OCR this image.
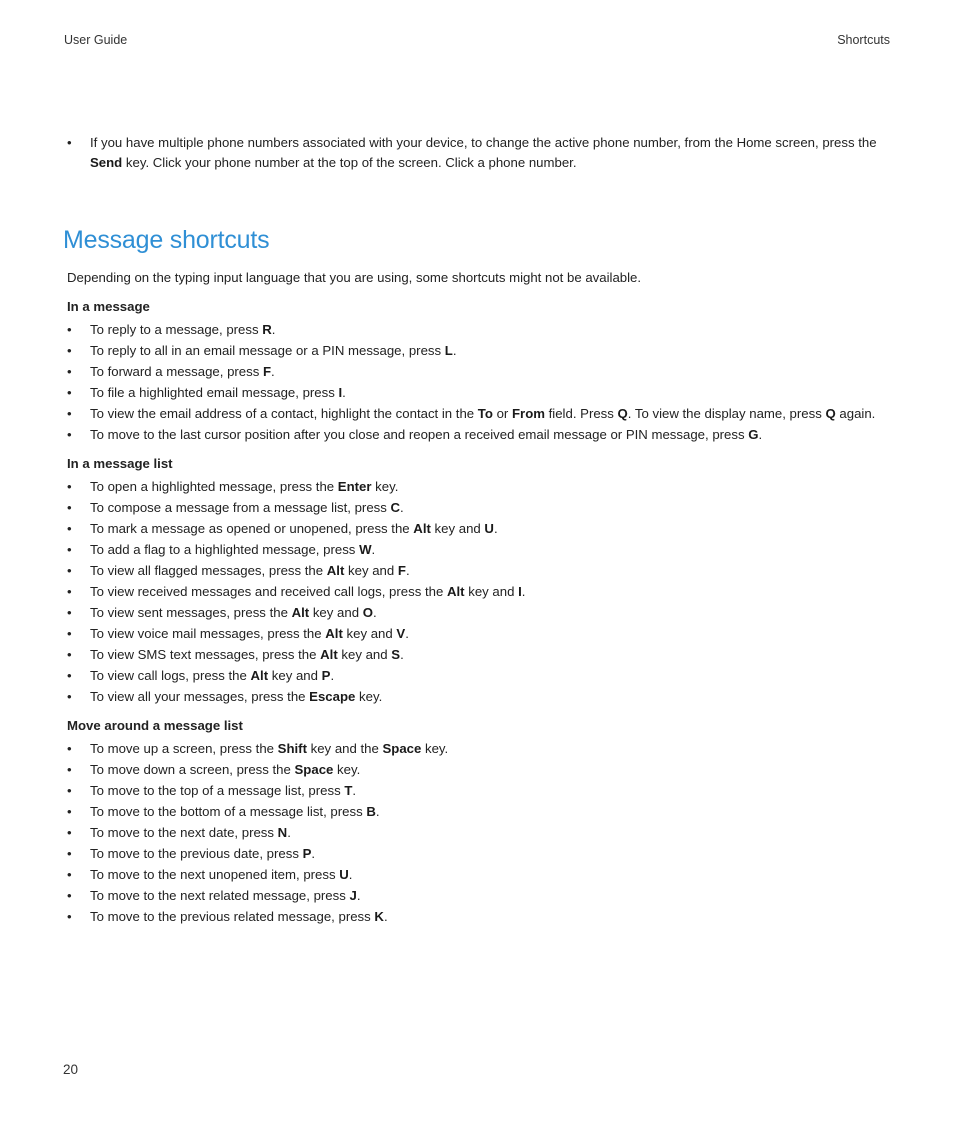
User Guide	Shortcuts
• If you have multiple phone numbers associated with your device, to change the active phone number, from the Home screen, press the Send key. Click your phone number at the top of the screen. Click a phone number.
Message shortcuts

Depending on the typing input language that you are using, some shortcuts might not be available.

In a message
• To reply to a message, press R.
• To reply to all in an email message or a PIN message, press L.
• To forward a message, press F.
• To file a highlighted email message, press I.
• To view the email address of a contact, highlight the contact in the To or From field. Press Q. To view the display name, press Q again.
• To move to the last cursor position after you close and reopen a received email message or PIN message, press G.
In a message list
• To open a highlighted message, press the Enter key.
• To compose a message from a message list, press C.
• To mark a message as opened or unopened, press the Alt key and U.
• To add a flag to a highlighted message, press W.
• To view all flagged messages, press the Alt key and F.
• To view received messages and received call logs, press the Alt key and I.
• To view sent messages, press the Alt key and O.
• To view voice mail messages, press the Alt key and V.
• To view SMS text messages, press the Alt key and S.
• To view call logs, press the Alt key and P.
• To view all your messages, press the Escape key.
Move around a message list
• To move up a screen, press the Shift key and the Space key.
• To move down a screen, press the Space key.
• To move to the top of a message list, press T.
• To move to the bottom of a message list, press B.
• To move to the next date, press N.
• To move to the previous date, press P.
• To move to the next unopened item, press U.
• To move to the next related message, press J.
• To move to the previous related message, press K.
20
